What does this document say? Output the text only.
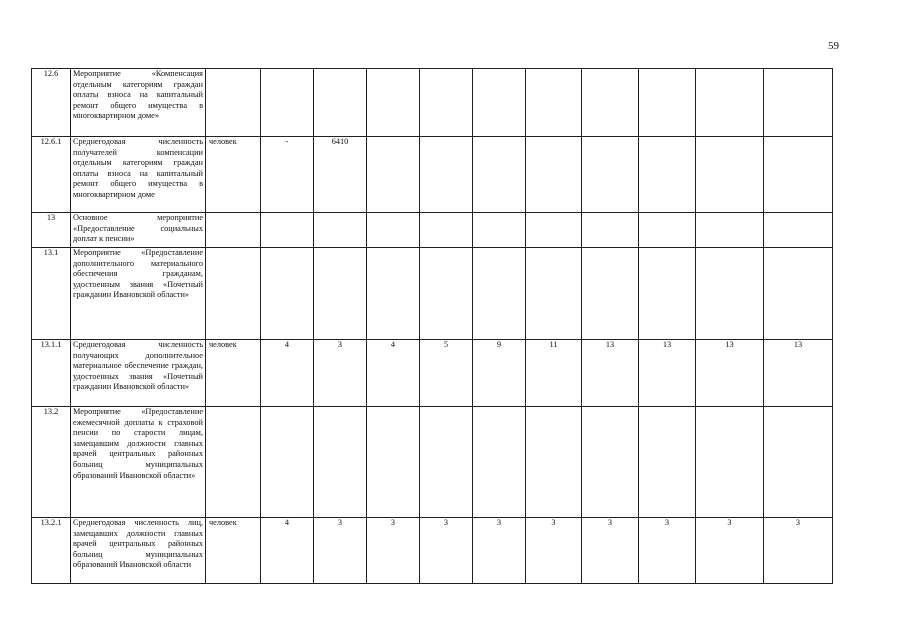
59
12.6	Мероприятие «Компенсация отдельным категориям граждан оплаты взноса на капитальный ремонт общего имущества в многоквартирном доме»												
12.6.1	Среднегодовая численность получателей компенсации отдельным категориям граждан оплаты взноса на капитальный ремонт общего имущества в многоквартирном доме	человек	-	6410									
13	Основное мероприятие «Предоставление социальных доплат к пенсии»												
13.1	Мероприятие «Предоставление дополнительного материального обеспечения гражданам, удостоенным звания «Почетный гражданин Ивановской области»												
13.1.1	Среднегодовая численность получающих дополнительное материальное обеспечение граждан, удостоенных звания «Почетный гражданин Ивановской области»	человек	4	3	4	5	9	11	13	13	13	13	
13.2	Мероприятие «Предоставление ежемесячной доплаты к страховой пенсии по старости лицам, замещавшим должности главных врачей центральных районных больниц муниципальных образований Ивановской области»												
13.2.1	Среднегодовая численность лиц, замещавших должности главных врачей центральных районных больниц муниципальных образований Ивановской области	человек	4	3	3	3	3	3	3	3	3	3	
